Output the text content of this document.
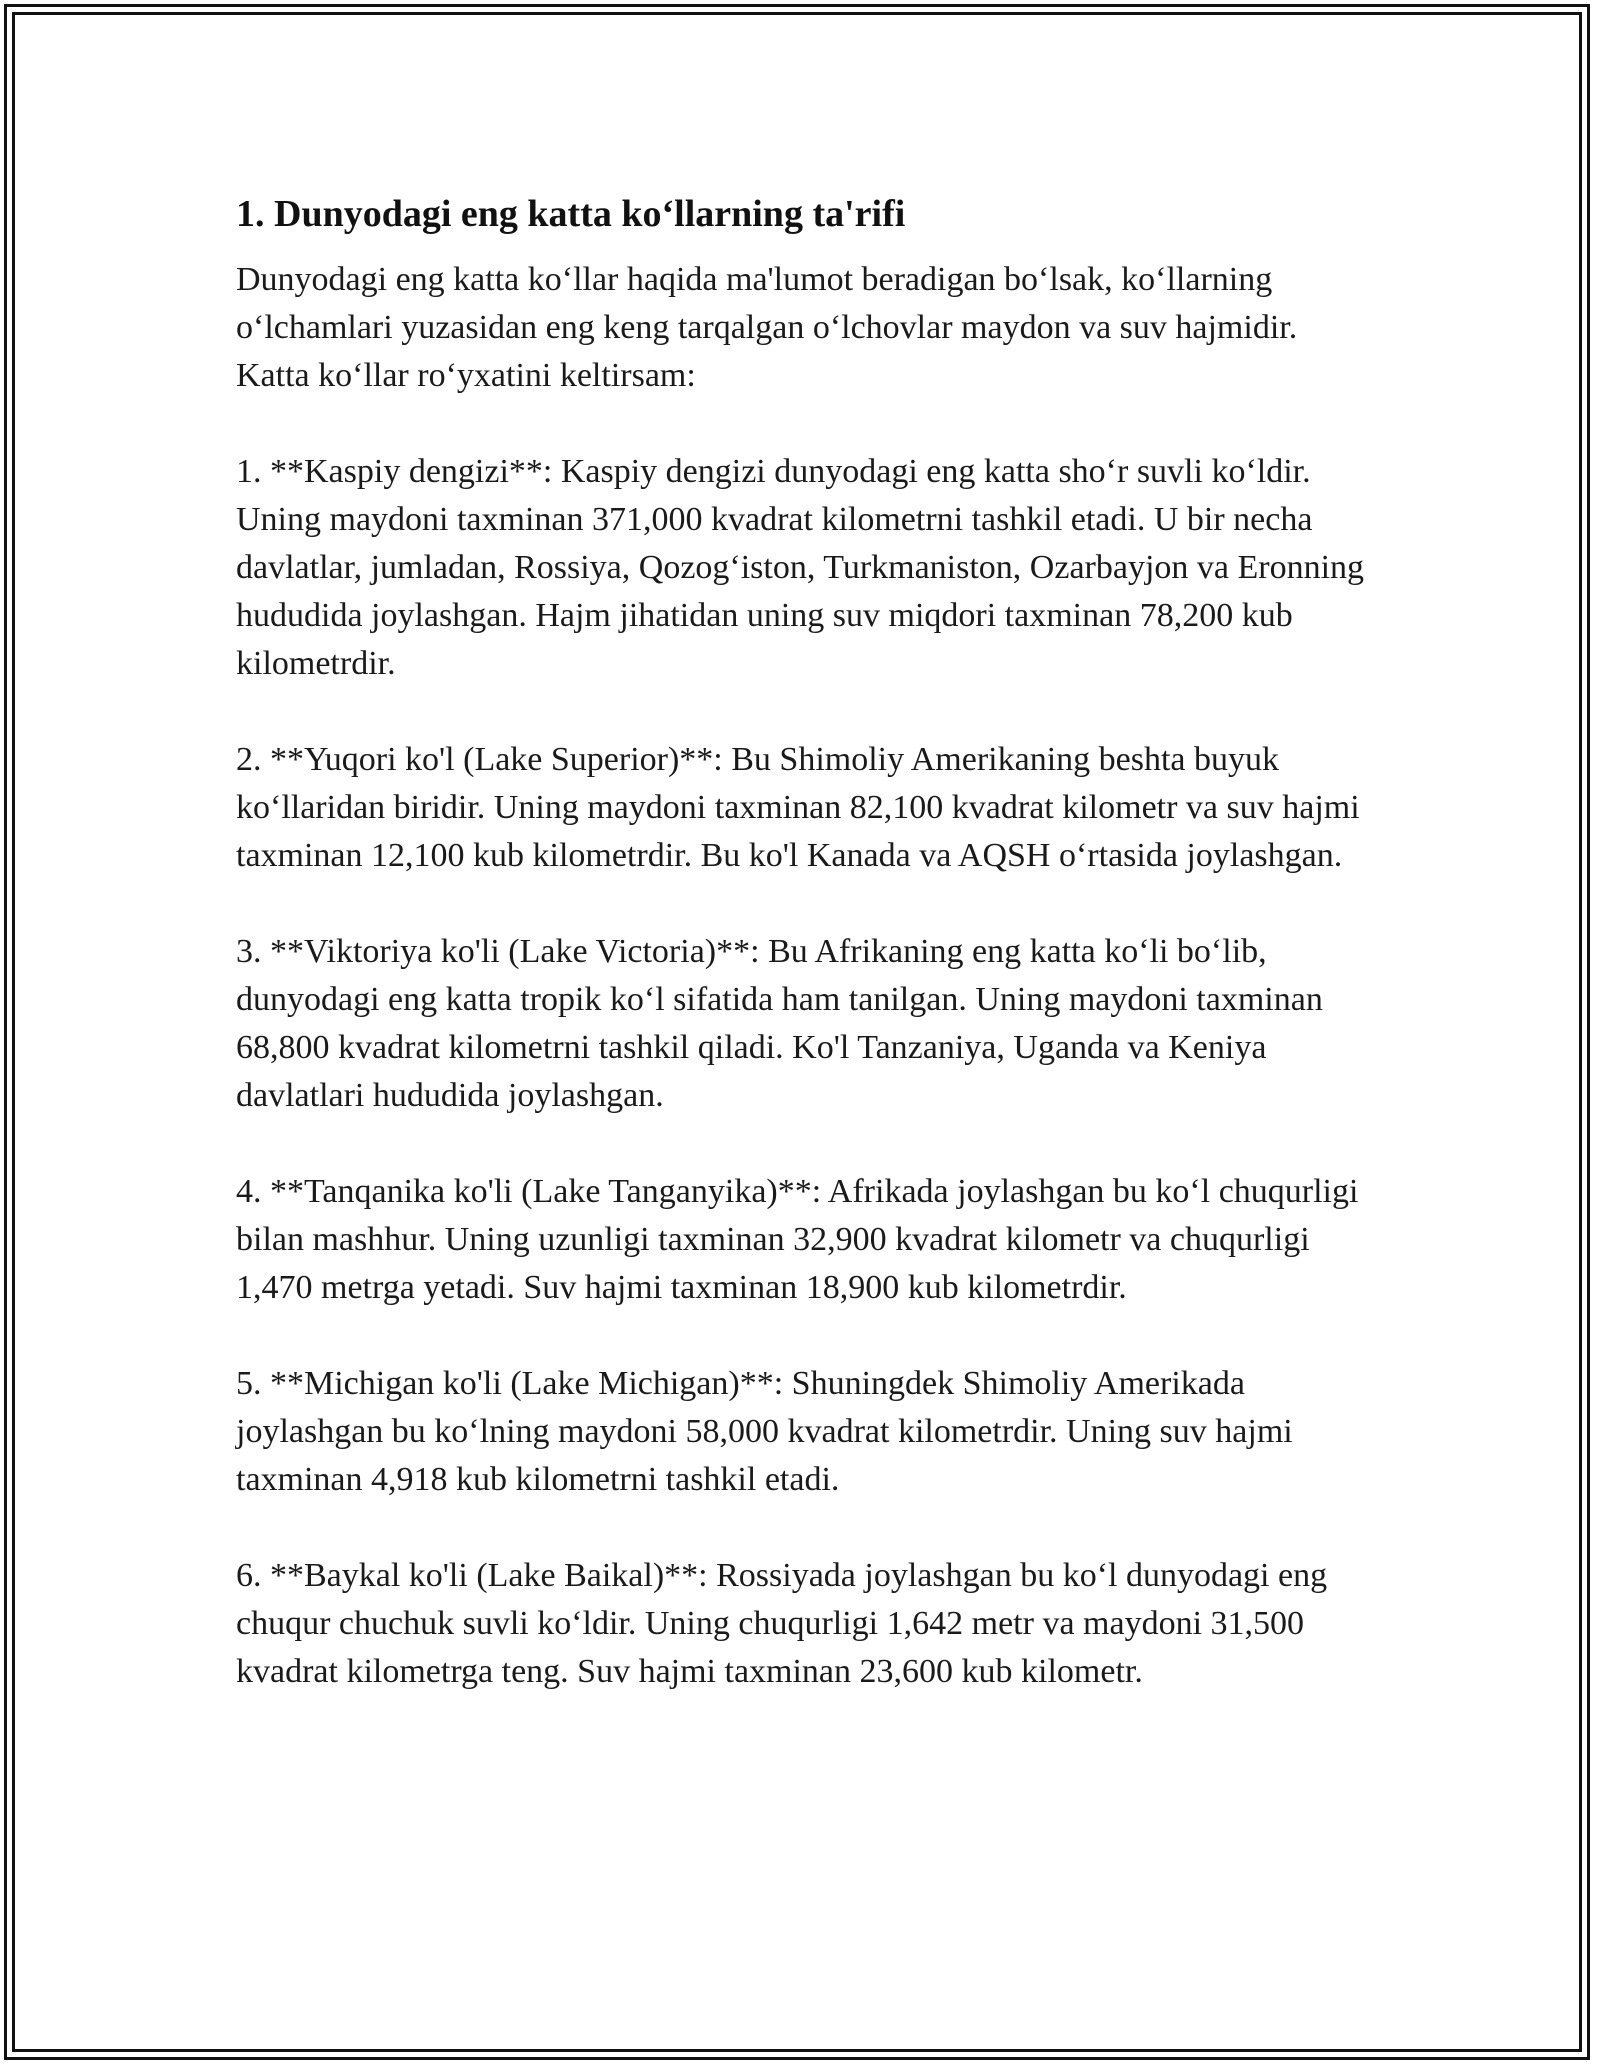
1. Dunyodagi eng katta ko‘llarning ta'rifi

Dunyodagi eng katta ko‘llar haqida ma'lumot beradigan bo‘lsak, ko‘llarning o‘lchamlari yuzasidan eng keng tarqalgan o‘lchovlar maydon va suv hajmidir. Katta ko‘llar ro‘yxatini keltirsam:

1. **Kaspiy dengizi**: Kaspiy dengizi dunyodagi eng katta sho‘r suvli ko‘ldir. Uning maydoni taxminan 371,000 kvadrat kilometrni tashkil etadi. U bir necha davlatlar, jumladan, Rossiya, Qozog‘iston, Turkmaniston, Ozarbayjon va Eronning hududida joylashgan. Hajm jihatidan uning suv miqdori taxminan 78,200 kub kilometrdir.

2. **Yuqori ko'l (Lake Superior)**: Bu Shimoliy Amerikaning beshta buyuk ko‘llaridan biridir. Uning maydoni taxminan 82,100 kvadrat kilometr va suv hajmi taxminan 12,100 kub kilometrdir. Bu ko'l Kanada va AQSH o‘rtasida joylashgan.

3. **Viktoriya ko'li (Lake Victoria)**: Bu Afrikaning eng katta ko‘li bo‘lib, dunyodagi eng katta tropik ko‘l sifatida ham tanilgan. Uning maydoni taxminan 68,800 kvadrat kilometrni tashkil qiladi. Ko'l Tanzaniya, Uganda va Keniya davlatlari hududida joylashgan.

4. **Tanqanika ko'li (Lake Tanganyika)**: Afrikada joylashgan bu ko‘l chuqurligi bilan mashhur. Uning uzunligi taxminan 32,900 kvadrat kilometr va chuqurligi 1,470 metrga yetadi. Suv hajmi taxminan 18,900 kub kilometrdir.

5. **Michigan ko'li (Lake Michigan)**: Shuningdek Shimoliy Amerikada joylashgan bu ko‘lning maydoni 58,000 kvadrat kilometrdir. Uning suv hajmi taxminan 4,918 kub kilometrni tashkil etadi.

6. **Baykal ko'li (Lake Baikal)**: Rossiyada joylashgan bu ko‘l dunyodagi eng chuqur chuchuk suvli ko‘ldir. Uning chuqurligi 1,642 metr va maydoni 31,500 kvadrat kilometrga teng. Suv hajmi taxminan 23,600 kub kilometr.
